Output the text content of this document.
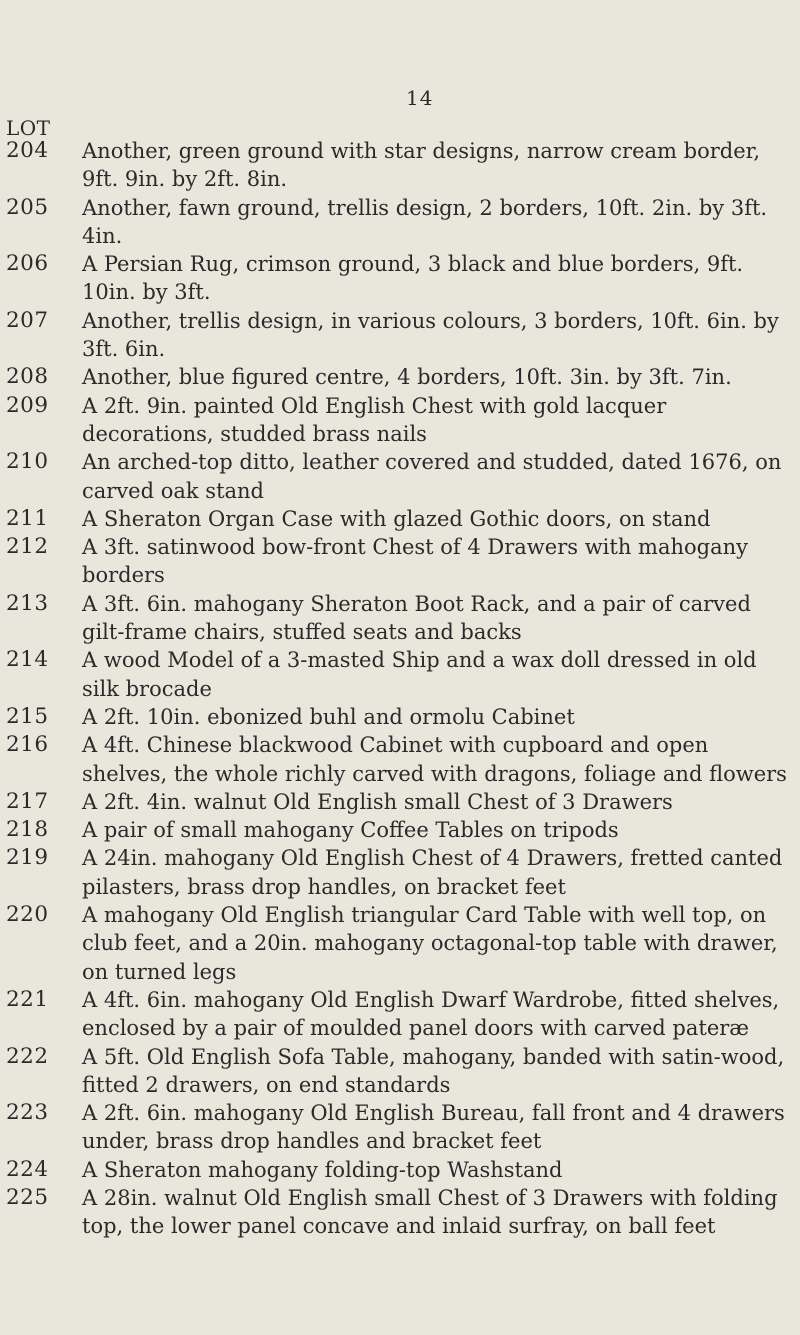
14
LOT
204 Another, green ground with star designs, narrow cream border, 9ft. 9in. by 2ft. 8in.
205 Another, fawn ground, trellis design, 2 borders, 10ft. 2in. by 3ft. 4in.
206 A Persian Rug, crimson ground, 3 black and blue borders, 9ft. 10in. by 3ft.
207 Another, trellis design, in various colours, 3 borders, 10ft. 6in. by 3ft. 6in.
208 Another, blue figured centre, 4 borders, 10ft. 3in. by 3ft. 7in.
209 A 2ft. 9in. painted Old English Chest with gold lacquer decorations, studded brass nails
210 An arched-top ditto, leather covered and studded, dated 1676, on carved oak stand
211 A Sheraton Organ Case with glazed Gothic doors, on stand
212 A 3ft. satinwood bow-front Chest of 4 Drawers with mahogany borders
213 A 3ft. 6in. mahogany Sheraton Boot Rack, and a pair of carved gilt-frame chairs, stuffed seats and backs
214 A wood Model of a 3-masted Ship and a wax doll dressed in old silk brocade
215 A 2ft. 10in. ebonized buhl and ormolu Cabinet
216 A 4ft. Chinese blackwood Cabinet with cupboard and open shelves, the whole richly carved with dragons, foliage and flowers
217 A 2ft. 4in. walnut Old English small Chest of 3 Drawers
218 A pair of small mahogany Coffee Tables on tripods
219 A 24in. mahogany Old English Chest of 4 Drawers, fretted canted pilasters, brass drop handles, on bracket feet
220 A mahogany Old English triangular Card Table with well top, on club feet, and a 20in. mahogany octagonal-top table with drawer, on turned legs
221 A 4ft. 6in. mahogany Old English Dwarf Wardrobe, fitted shelves, enclosed by a pair of moulded panel doors with carved pateræ
222 A 5ft. Old English Sofa Table, mahogany, banded with satin-wood, fitted 2 drawers, on end standards
223 A 2ft. 6in. mahogany Old English Bureau, fall front and 4 drawers under, brass drop handles and bracket feet
224 A Sheraton mahogany folding-top Washstand
225 A 28in. walnut Old English small Chest of 3 Drawers with folding top, the lower panel concave and inlaid surfray, on ball feet
